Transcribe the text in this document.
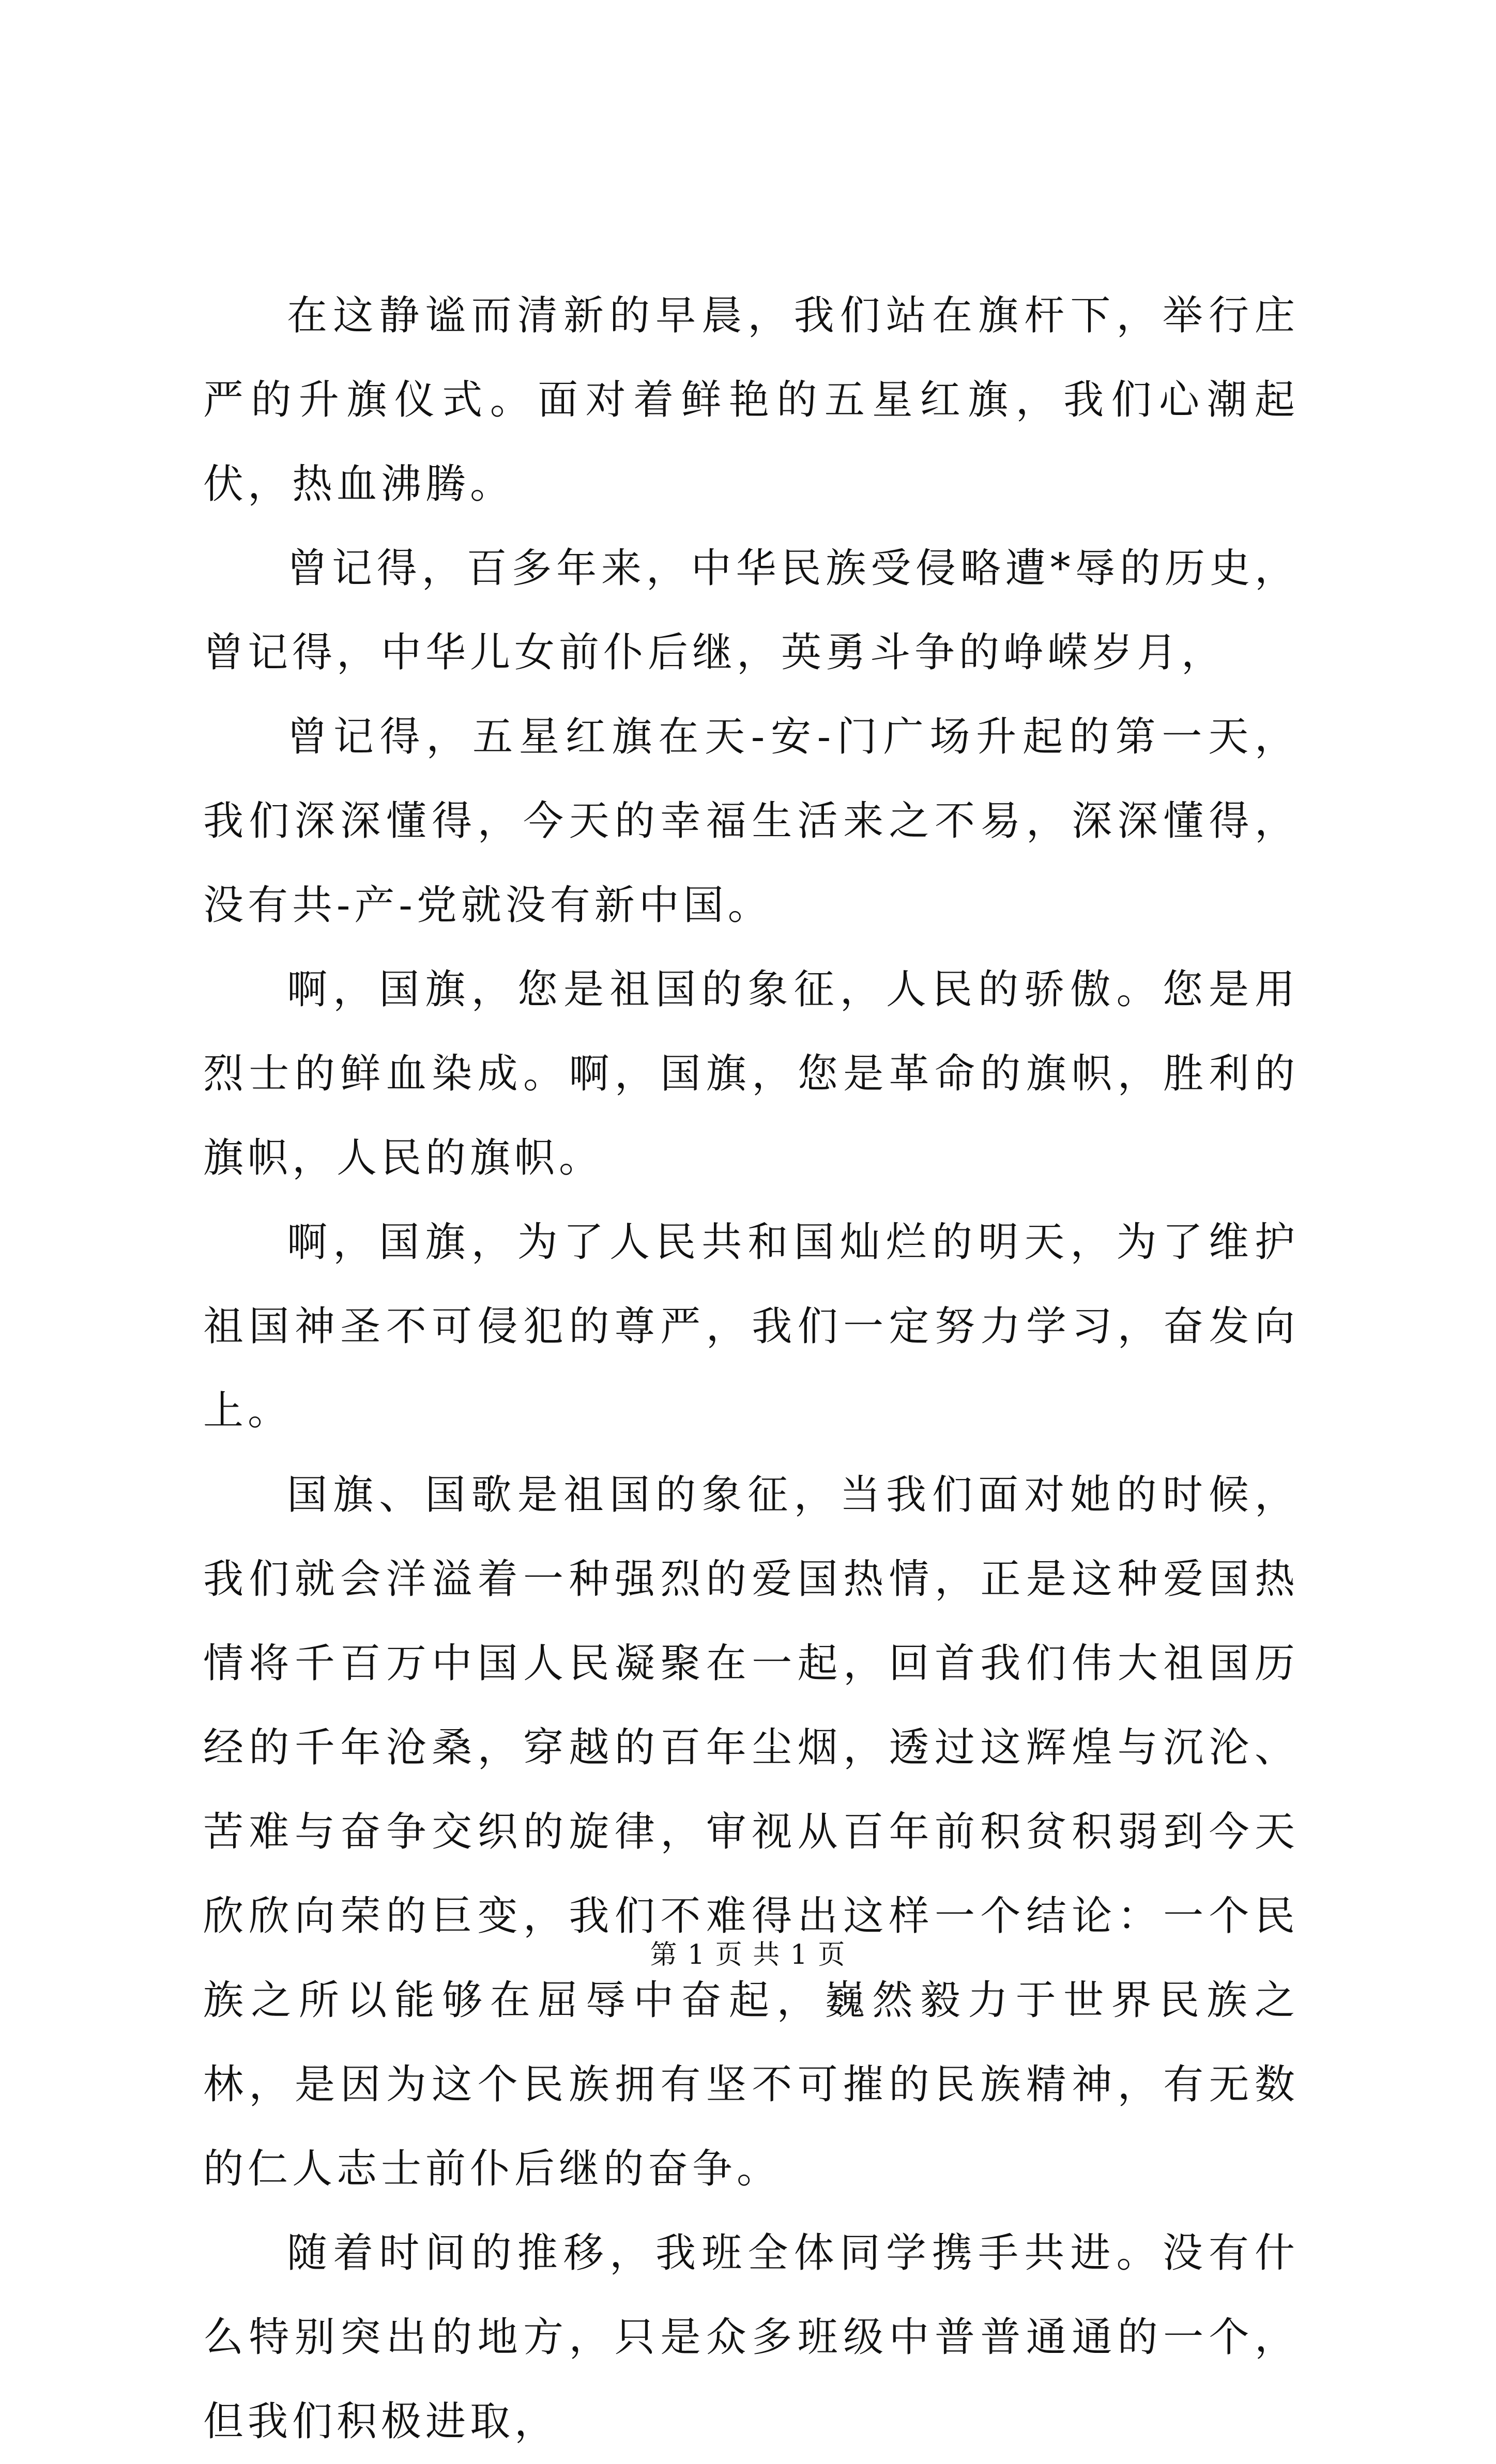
在这静谧而清新的早晨，我们站在旗杆下，举行庄严的升旗仪式。面对着鲜艳的五星红旗，我们心潮起伏，热血沸腾。

曾记得，百多年来，中华民族受侵略遭*辱的历史，曾记得，中华儿女前仆后继，英勇斗争的峥嵘岁月，

曾记得，五星红旗在天-安-门广场升起的第一天，我们深深懂得，今天的幸福生活来之不易，深深懂得，没有共-产-党就没有新中国。

啊，国旗，您是祖国的象征，人民的骄傲。您是用烈士的鲜血染成。啊，国旗，您是革命的旗帜，胜利的旗帜，人民的旗帜。

啊，国旗，为了人民共和国灿烂的明天，为了维护祖国神圣不可侵犯的尊严，我们一定努力学习，奋发向上。

国旗、国歌是祖国的象征，当我们面对她的时候，我们就会洋溢着一种强烈的爱国热情，正是这种爱国热情将千百万中国人民凝聚在一起，回首我们伟大祖国历经的千年沧桑，穿越的百年尘烟，透过这辉煌与沉沦、苦难与奋争交织的旋律，审视从百年前积贫积弱到今天欣欣向荣的巨变，我们不难得出这样一个结论：一个民族之所以能够在屈辱中奋起，巍然毅力于世界民族之林，是因为这个民族拥有坚不可摧的民族精神，有无数的仁人志士前仆后继的奋争。

随着时间的推移，我班全体同学携手共进。没有什么特别突出的地方，只是众多班级中普普通通的一个，但我们积极进取，

第 1 页 共 1 页
